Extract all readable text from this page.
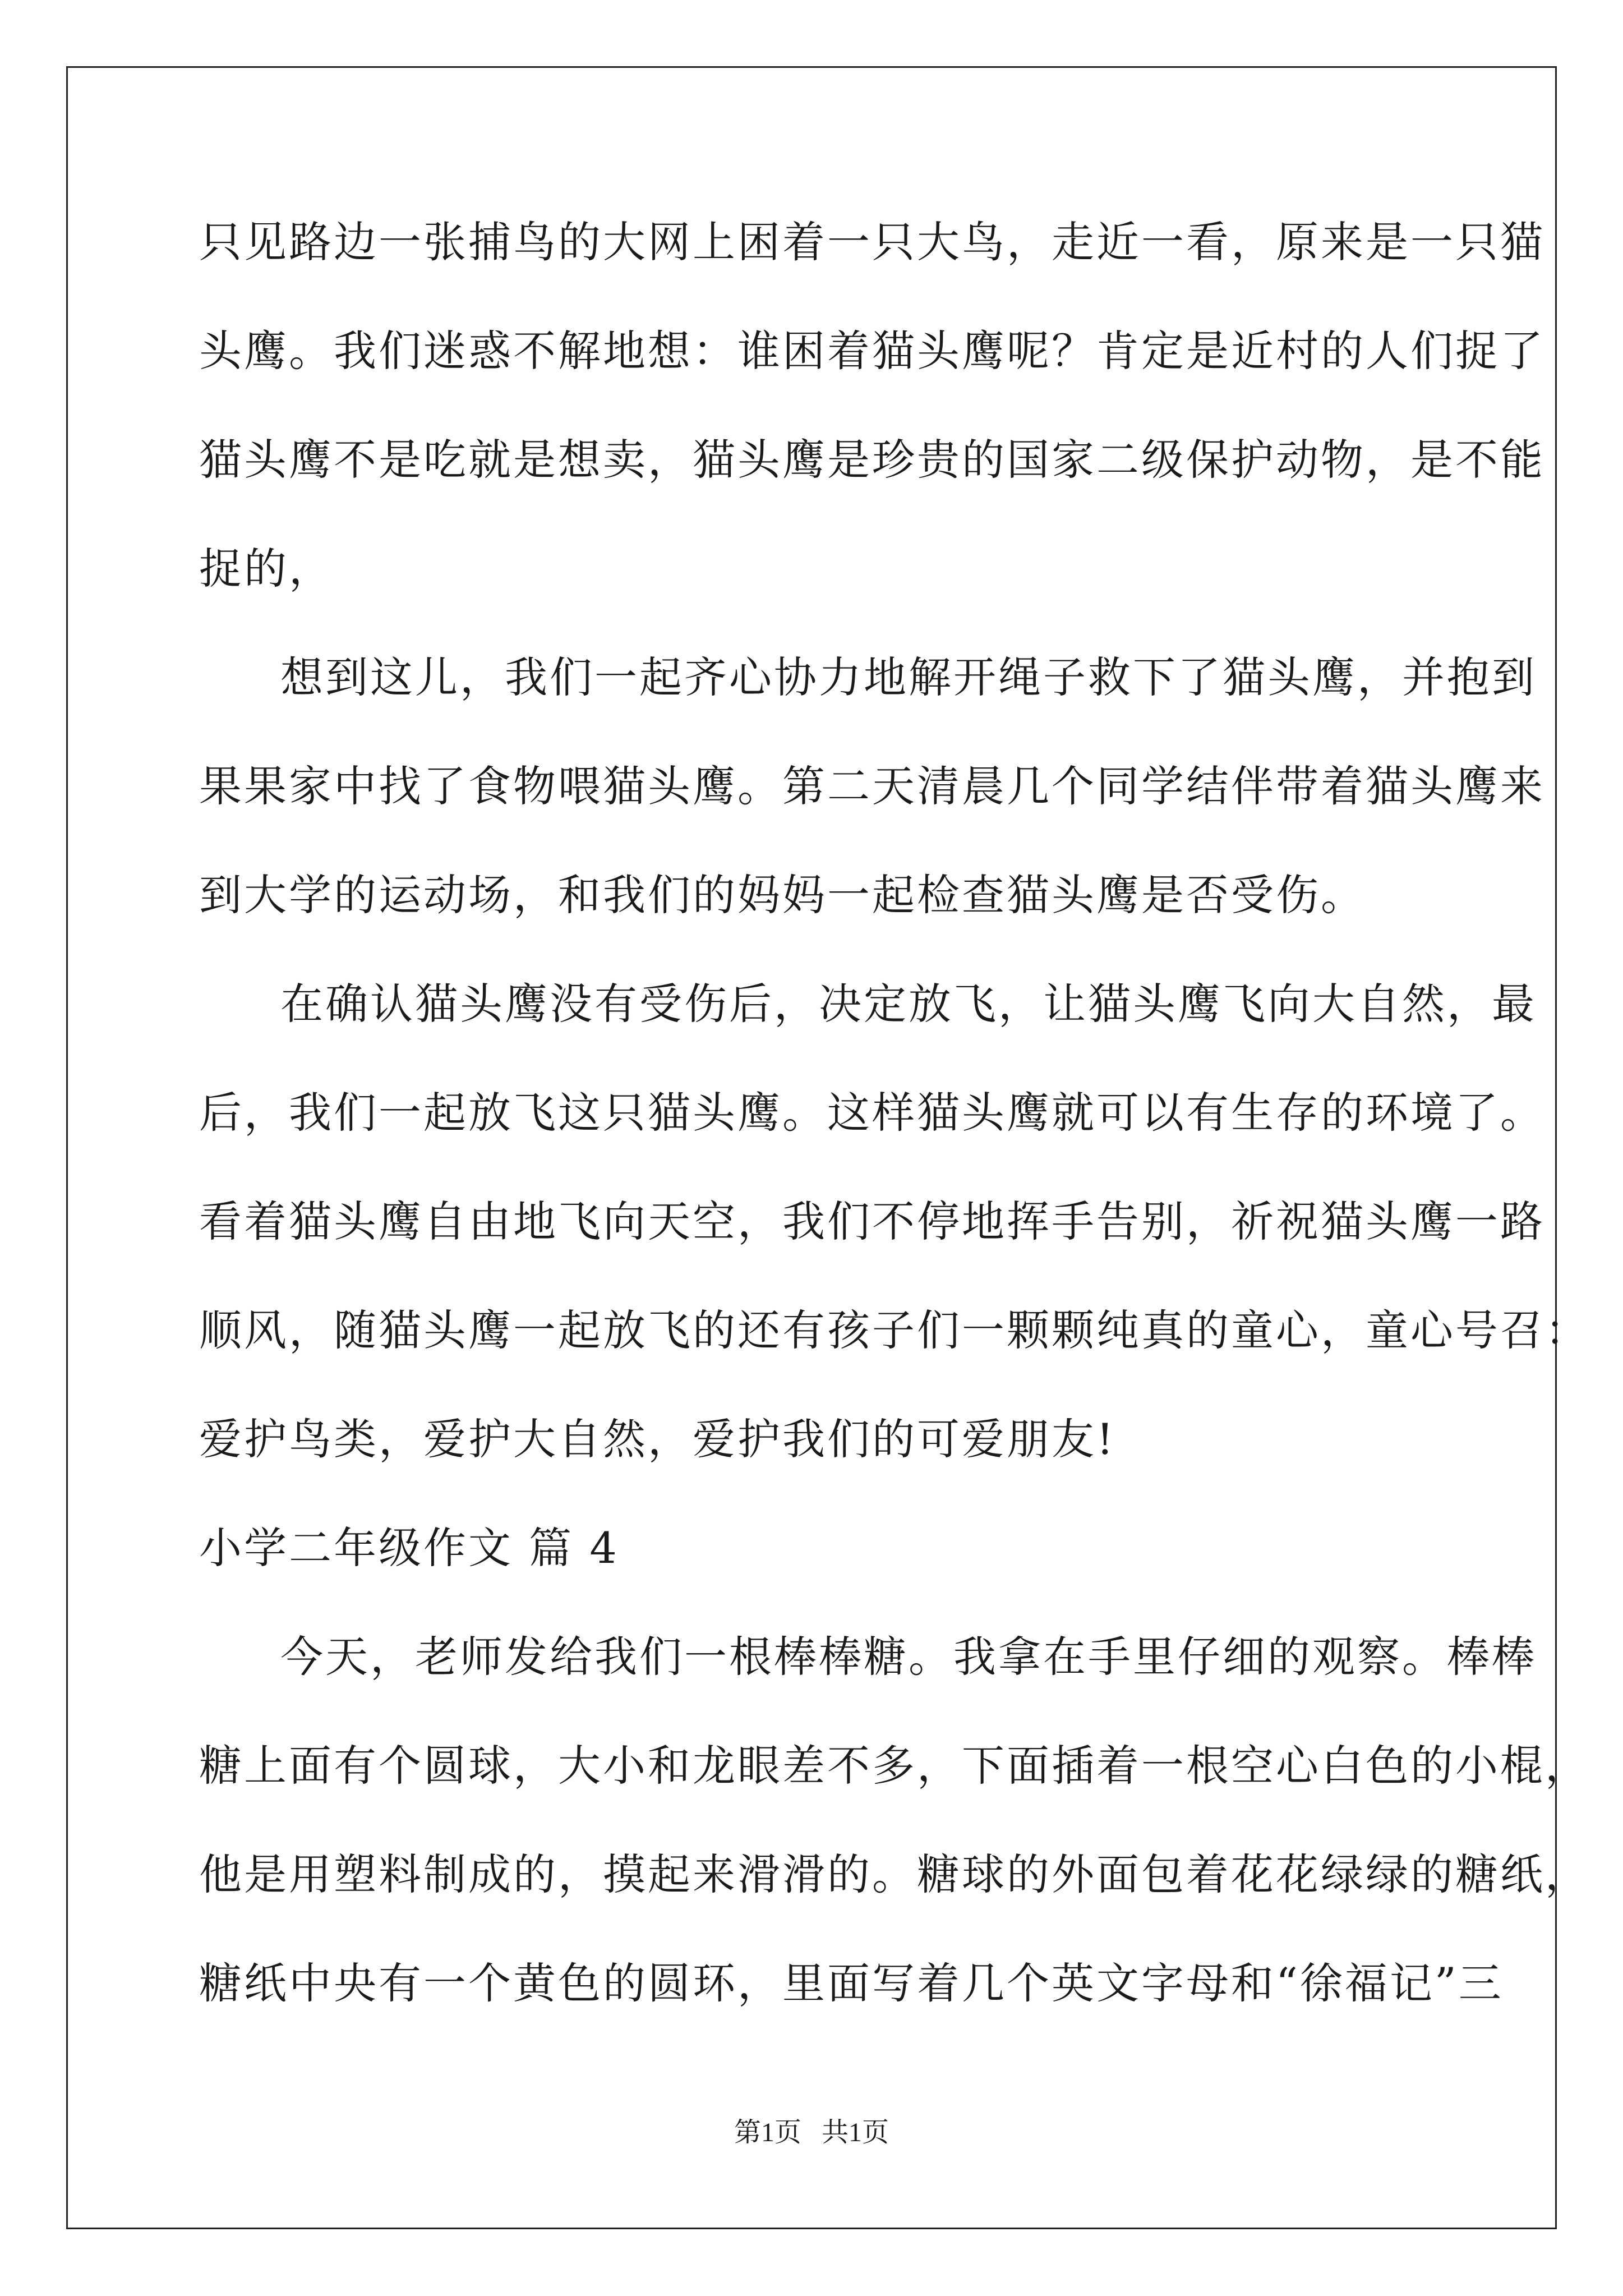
只见路边一张捕鸟的大网上困着一只大鸟，走近一看，原来是一只猫
头鹰。我们迷惑不解地想：谁困着猫头鹰呢？肯定是近村的人们捉了
猫头鹰不是吃就是想卖，猫头鹰是珍贵的国家二级保护动物，是不能
捉的，
想到这儿，我们一起齐心协力地解开绳子救下了猫头鹰，并抱到
果果家中找了食物喂猫头鹰。第二天清晨几个同学结伴带着猫头鹰来
到大学的运动场，和我们的妈妈一起检查猫头鹰是否受伤。
在确认猫头鹰没有受伤后，决定放飞，让猫头鹰飞向大自然，最
后，我们一起放飞这只猫头鹰。这样猫头鹰就可以有生存的环境了。
看着猫头鹰自由地飞向天空，我们不停地挥手告别，祈祝猫头鹰一路
顺风，随猫头鹰一起放飞的还有孩子们一颗颗纯真的童心，童心号召：
爱护鸟类，爱护大自然，爱护我们的可爱朋友!
小学二年级作文 篇 4
今天，老师发给我们一根棒棒糖。我拿在手里仔细的观察。棒棒
糖上面有个圆球，大小和龙眼差不多，下面插着一根空心白色的小棍，
他是用塑料制成的，摸起来滑滑的。糖球的外面包着花花绿绿的糖纸，
糖纸中央有一个黄色的圆环，里面写着几个英文字母和“徐福记”三
第1页   共1页
